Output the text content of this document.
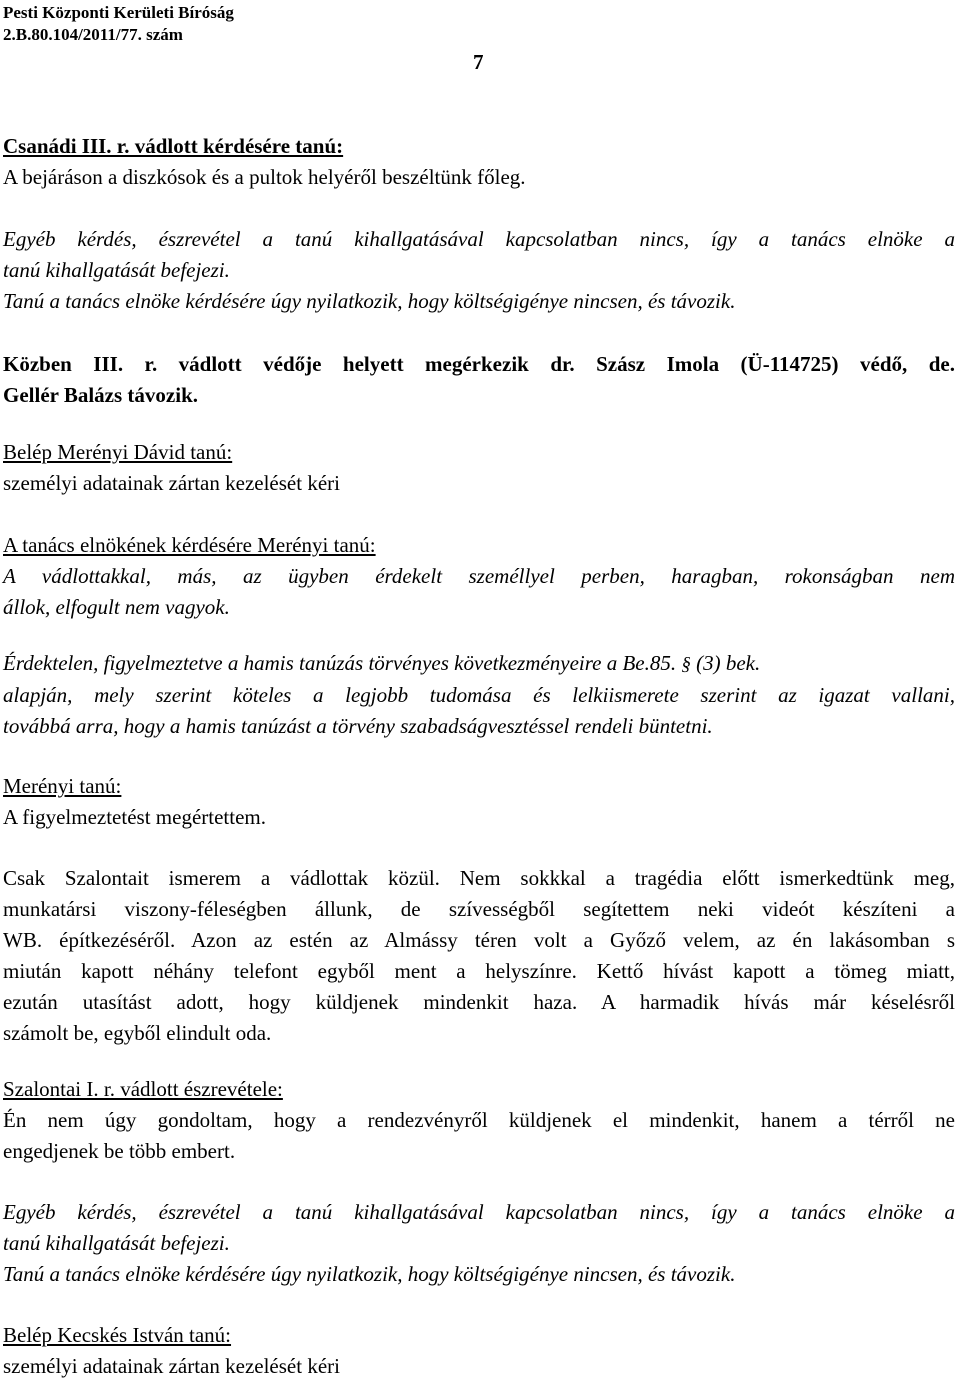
Pesti Központi Kerületi Bíróság
2.B.80.104/2011/77. szám
7

Csanádi III. r. vádlott kérdésére tanú:

A bejáráson a diszkósok és a pultok helyéről beszéltünk főleg.

Egyéb kérdés, észrevétel a tanú kihallgatásával kapcsolatban nincs, így a tanács elnöke a

tanú kihallgatását befejezi.

Tanú a tanács elnöke kérdésére úgy nyilatkozik, hogy költségigénye nincsen, és távozik.

Közben III. r. vádlott védője helyett megérkezik dr. Szász Imola (Ü-114725) védő, de.

Gellér Balázs távozik.

Belép Merényi Dávid tanú:

személyi adatainak zártan kezelését kéri

A tanács elnökének kérdésére Merényi tanú:

A vádlottakkal, más, az ügyben érdekelt személlyel perben, haragban, rokonságban nem

állok, elfogult nem vagyok.

Érdektelen, figyelmeztetve a hamis tanúzás törvényes következményeire a Be.85. § (3) bek.

alapján, mely szerint köteles a legjobb tudomása és lelkiismerete szerint az igazat vallani,

továbbá arra, hogy a hamis tanúzást a törvény szabadságvesztéssel rendeli büntetni.

Merényi tanú:

A figyelmeztetést megértettem.

Csak Szalontait ismerem a vádlottak közül. Nem sokkkal a tragédia előtt ismerkedtünk meg,

munkatársi viszony-féleségben állunk, de szívességből segítettem neki videót készíteni a

WB. építkezéséről. Azon az estén az Almássy téren volt a Győző velem, az én lakásomban s

miután kapott néhány telefont egyből ment a helyszínre. Kettő hívást kapott a tömeg miatt,

ezután utasítást adott, hogy küldjenek mindenkit haza. A harmadik hívás már késelésről

számolt be, egyből elindult oda.

Szalontai I. r. vádlott észrevétele:

Én nem úgy gondoltam, hogy a rendezvényről küldjenek el mindenkit, hanem a térről ne

engedjenek be több embert.

Egyéb kérdés, észrevétel a tanú kihallgatásával kapcsolatban nincs, így a tanács elnöke a

tanú kihallgatását befejezi.

Tanú a tanács elnöke kérdésére úgy nyilatkozik, hogy költségigénye nincsen, és távozik.

Belép Kecskés István tanú:

személyi adatainak zártan kezelését kéri
